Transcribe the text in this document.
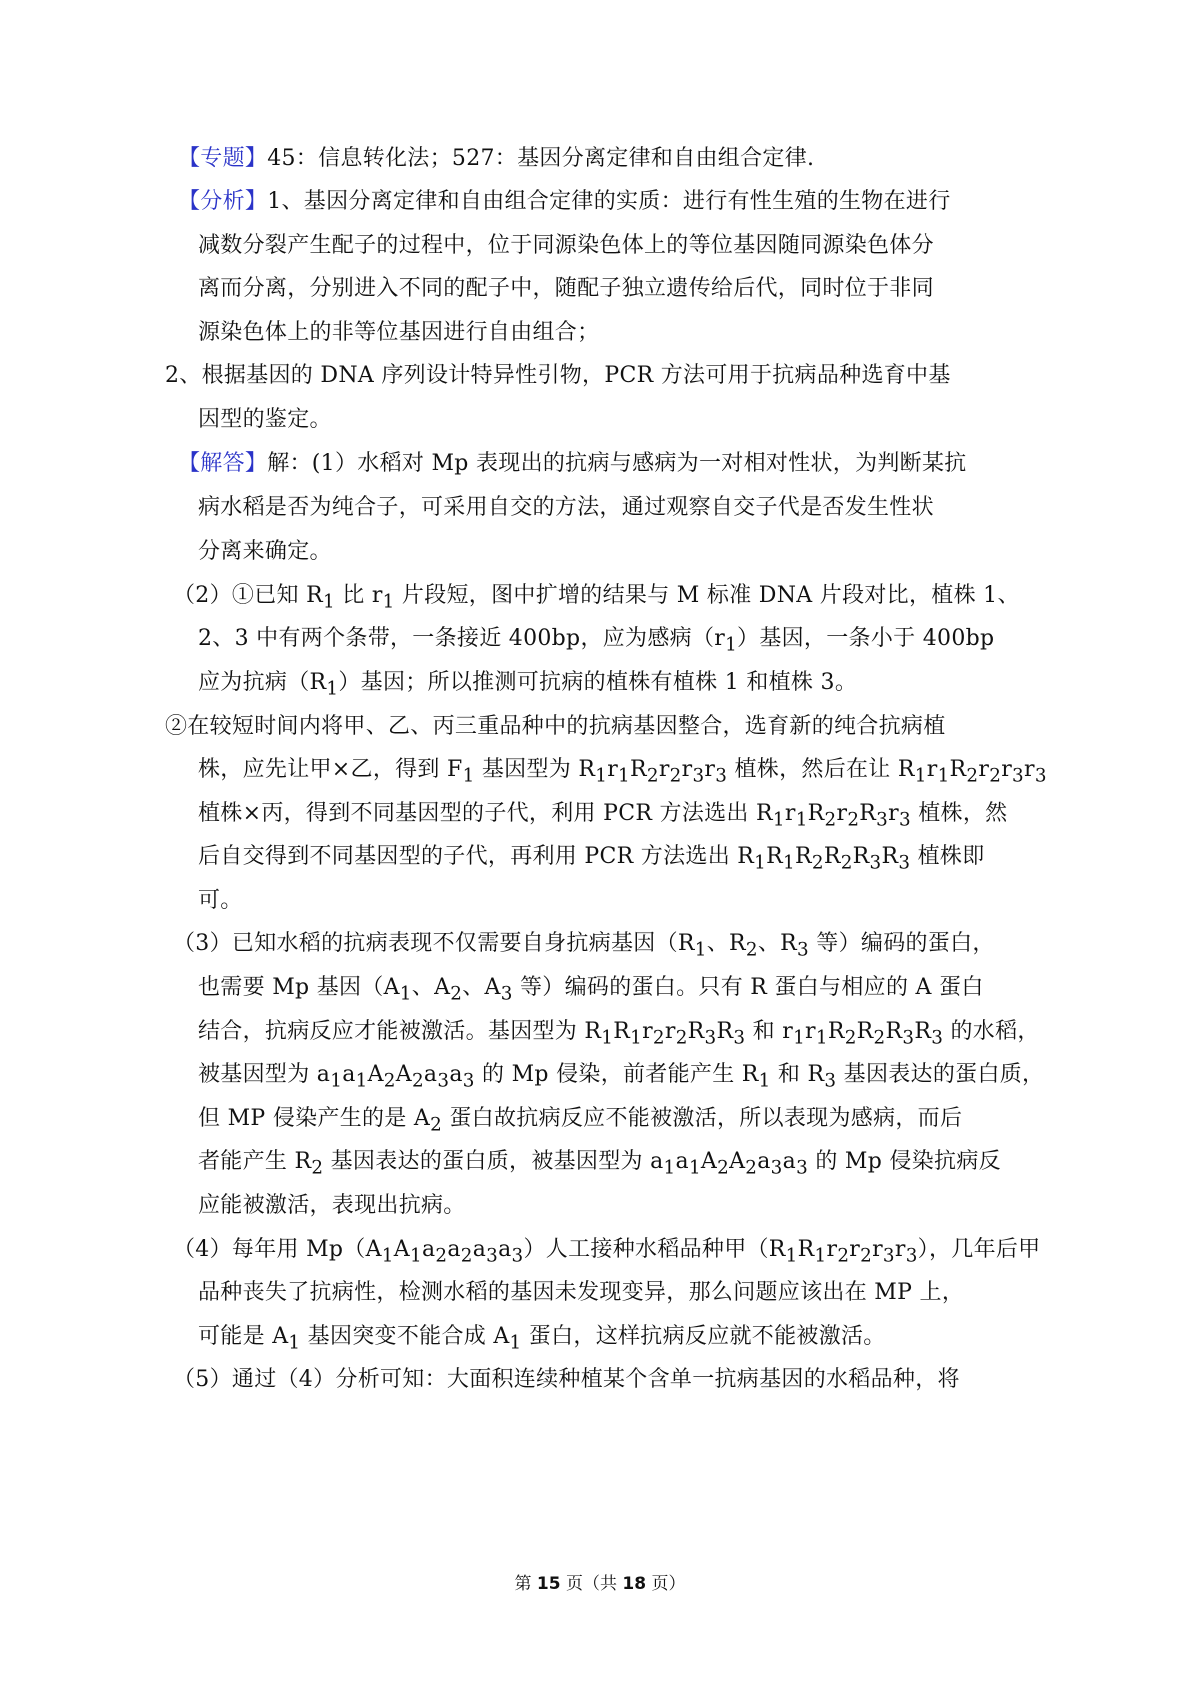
【专题】45：信息转化法；527：基因分离定律和自由组合定律.
【分析】1、基因分离定律和自由组合定律的实质：进行有性生殖的生物在进行
减数分裂产生配子的过程中，位于同源染色体上的等位基因随同源染色体分
离而分离，分别进入不同的配子中，随配子独立遗传给后代，同时位于非同
源染色体上的非等位基因进行自由组合；
2、根据基因的 DNA 序列设计特异性引物，PCR 方法可用于抗病品种选育中基
因型的鉴定。
【解答】解：(1）水稻对 Mp 表现出的抗病与感病为一对相对性状，为判断某抗
病水稻是否为纯合子，可采用自交的方法，通过观察自交子代是否发生性状
分离来确定。
（2）①已知 $R_1$ 比 $r_1$ 片段短，图中扩增的结果与 M 标准 DNA 片段对比，植株 1、
2、3 中有两个条带，一条接近 400bp，应为感病$(r_1)$基因，一条小于 400bp
应为抗病$(R_1)$基因；所以推测可抗病的植株有植株 1 和植株 3。
②在较短时间内将甲、乙、丙三重品种中的抗病基因整合，选育新的纯合抗病植
株，应先让甲×乙，得到 $F_1$ 基因型为 $R_1r_1R_2r_2r_3r_3$ 植株，然后在让 $R_1r_1R_2r_2r_3r_3$
植株×丙，得到不同基因型的子代，利用 PCR 方法选出 $R_1r_1R_2r_2R_3r_3$ 植株，然
后自交得到不同基因型的子代，再利用 PCR 方法选出 $R_1R_1R_2R_2R_3R_3$ 植株即
可。
（3）已知水稻的抗病表现不仅需要自身抗病基因（$R_1$、$R_2$、$R_3$ 等）编码的蛋白，
也需要 Mp 基因（$A_1$、$A_2$、$A_3$ 等）编码的蛋白。只有 R 蛋白与相应的 A 蛋白
结合，抗病反应才能被激活。基因型为 $R_1R_1r_2r_2R_3R_3$ 和 $r_1r_1R_2R_2R_3R_3$ 的水稻，
被基因型为 $a_1a_1A_2A_2a_3a_3$ 的 Mp 侵染，前者能产生 $R_1$ 和 $R_3$ 基因表达的蛋白质，
但 MP 侵染产生的是 $A_2$ 蛋白故抗病反应不能被激活，所以表现为感病，而后
者能产生 $R_2$ 基因表达的蛋白质，被基因型为 $a_1a_1A_2A_2a_3a_3$ 的 Mp 侵染抗病反
应能被激活，表现出抗病。
（4）每年用 $Mp(A_1A_1a_2a_2a_3a_3)$人工接种水稻品种甲$(R_1R_1r_2r_2r_3r_3)$，几年后甲
品种丧失了抗病性，检测水稻的基因未发现变异，那么问题应该出在 MP 上，
可能是 $A_1$ 基因突变不能合成 $A_1$ 蛋白，这样抗病反应就不能被激活。
（5）通过（4）分析可知：大面积连续种植某个含单一抗病基因的水稻品种，将
第 15 页（共 18 页）
